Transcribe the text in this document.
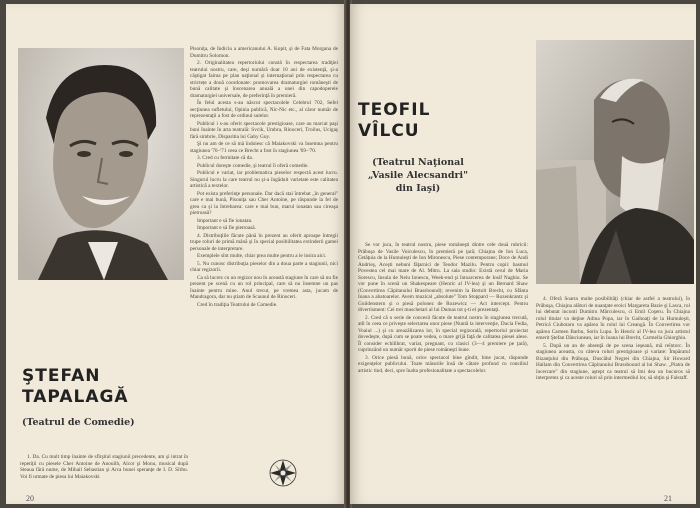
ŞTEFAN
TAPALAGĂ
(Teatrul de Comedie)

Pisoniţa, de Indiciu a americanului A. Kopit, şi de Fata Morgana de Dumitru Solomon.

2. Originalitatea repertoriului constă în respectarea tradiţiei teatrului nostru, care, deşi numără doar 10 ani de existenţă, şi-a câştigat faima pe plan naţional şi internaţional prin respectarea cu strictețe a două coordonate: promovarea dramaturgiei româneşti de bună calitate şi înscenarea anuală a unei din capodoperele dramaturgiei universale, de preferinţă în premieră.

În felul acesta s-au născut spectacolele Celebrul 702, Sefel secţiunea sufletului, Opinia publică, Nic-Nic etc., al căror număr de reprezentaţii a fost de ordinul sutelor.

Publicul i s-au oferit spectacole prestigioase, care au marcat paşi buni înainte în arta teatrală: Svcik, Umbra, Rinoceri, Troilus, Ucigaş fără simbrie, Disparitia lui Gaby Guy.

Şi nu am de ce să mă îndoiesc că Maiakovski va însemna pentru stagiunea '70–'71 ceea ce Brecht a fost în stagiunea '69–'70.

3. Cred cu fermitate că da.

Publicul doreşte comedie, şi teatrul îi oferă comedie.

Publicul e variat, iar problematica pieselor respectă acest lucru. Singurul lucru la care teatrul nu şi-a îngăduit varietate este calitatea artistică a textelor.

Pot exista preferinţe personale. Dar dacă stai întrebat „în general" care e mai bună, Pisoniţa sau Cher Antoine, pe răspunde la fel de greu ca şi la întrebarea: care e mai bun, marul ionatan sau cireaşa pietroasă?

Important e să fie ionatan.

Important e să fie pietroasă.

4. Distribuţiile făcute până în prezent au oferit aproape întregii trupe roluri de primă mână şi în special posibilitatea extinderii gamei personale de interpretare.

Exemplele sînt multe, chiar prea multe pentru a le insira aici.

5. Nu cunosc distribuţia pieselor din a doua parte a stagiunii, nici chiar regizorii.

Ca să lucrez cu un regizor nou în această stagiune în care să nu fie prezent pe scenă cu un rol principal, care să nu însemne un pas înainte pentru mine. Anul trecut, pe vremea asta, jucam de Mandragora, dar nu ştiam de Scaunul de Rinoceri.

Cred în tradiţia Teatrului de Comedie.

1. Da. Cu mult timp înainte de sfîrşitul stagiunii precedente, am şi intrat în repetiţii cu piesele Cher Antoine de Anouilh, Alcor şi Monu, musical după Steaua fără nume, de Mihail Sebastian şi Arca bunei speranţe de I. D. Sîrbu. Voi fi urmate de piesa lui Maiakovski

20
TEOFIL
VÎLCU
(Teatrul Naţional
„Vasile Alecsandri"
din Iaşi)

Se vor juca, în teatrul nostru, piese româneşti dintre cele două rubricii: Prăbuşa de Vasile Voiculescu, în premieră pe ţară; Chiajna de Ion Luca, Cetăţuia de la Humuleşti de Ion Mironescu, Piese contemporane; Doce de Andi Andrieş, Aceşti nebuni făţarnici de Teodor Mazilu. Pentru copii: basmul Povestea cel mai mare de Al. Mitru. La sala studio: Există cerul de Maria Sorescu, Insula de Nelu Ionescu, Week-end şi întoarcerea de Iosif Naghiu. Se vor pune în scenă un Shakespeare (Henric al IV-lea) şi un Bernard Shaw (Convertirea Căpitanului Brassbound); revenim la Bertolt Brecht, cu Sfânta Ioana a abatoarelor. Avem muzical „absolute" Tom Stoppard — Rozenkrantz şi Guildenstern şi o piesă polonez de Rozewicz — Act intercept. Pentru divertisment: Cei trei muschetari al lui Dumas tot ş-ti el prezentaţi.

2. Cred că o serie de concesii făcute de teatrul nostru în stagiunea trecută, atît în ceea ce priveşte selectarea unor piese (Nuntă la intervenţie, Ducia Fedia, Voaiul ...) şi cu areazălizarea lor, în special regizorală, repertoriul proiectat dovedeşte, după cum se poate vedea, o mare grijă faţă de calitatea piesei alese. Îl consider echilibrat, variat, pregnant, cu clasici (3—4 premiere pe ţară), cuprinzând un număr sporit de piese româneşti bune.

3. Orice piesă bună, orice spectacol bine gîndit, bine jucat, răspunde exigenţelor publicului. Toate măsurile însă de cătare profund cu consiliul artistic tind, deci, spre înalta profesionalitate a spectacolelor.

4. Oferă Soarta multe posibilităţi (chiar de astfel a teatrului), în Prăbuşa, Chiajna alături de nuanţate eroici Margareta Bazie şi Lasca, rol lui debutat inconti Dumitru Mărculescu, ci Emil Coşeru. În Chiajna rolul titular va deţine Adina Popa, iar în Gaihoaţi de la Humuleşti, Petrică Ciubotaru va apărea în rolul lui Creangă. În Convertirea vor apărea Carmen Barbu, Sorin Lupu. În Henric al IV-lea va juca artistul emerit Ştefan Dănciunean, iar în Ioana lui Brecht, Carmella Ghiorghiu.

5. După un an de absenţă de pe scena ieşeană, mă reîntorc. În stagiunea aceasta, cu câteva roluri prestigioase şi variate: Împăratul Bizanţului din Prăbuşa, Duscălul Negrei din Chiajna, Sir Howard Hallam din Convertirea Căpitanului Brassbound al lui Shaw. „Piatra de încercare" din stagiune, aştept ca teatrul să îmi dea un bucuros să interpretez şi ca aceste roluri să prin intermediul lor, să obţin şi Falstaff.

21
